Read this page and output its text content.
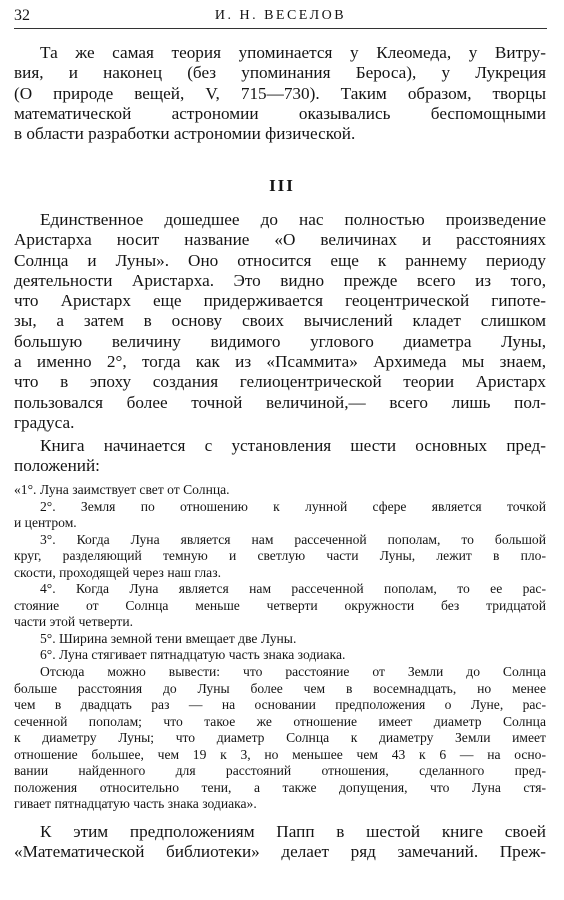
32	И. Н. ВЕСЕЛОВ

Та же самая теория упоминается у Клеомеда, у Витру-
вия, и наконец (без упоминания Бероса), у Лукреция
(О природе вещей, V, 715—730). Таким образом, творцы
математической астрономии оказывались беспомощными
в области разработки астрономии физической.

III

Единственное дошедшее до нас полностью произведение
Аристарха носит название «О величинах и расстояниях
Солнца и Луны». Оно относится еще к раннему периоду
деятельности Аристарха. Это видно прежде всего из того,
что Аристарх еще придерживается геоцентрической гипоте-
зы, а затем в основу своих вычислений кладет слишком
большую величину видимого углового диаметра Луны,
а именно 2°, тогда как из «Псаммита» Архимеда мы знаем,
что в эпоху создания гелиоцентрической теории Аристарх
пользовался более точной величиной,— всего лишь пол-
градуса.

Книга начинается с установления шести основных пред-
положений:

«1°. Луна заимствует свет от Солнца.
2°. Земля по отношению к лунной сфере является точкой
и центром.
3°. Когда Луна является нам рассеченной пополам, то большой
круг, разделяющий темную и светлую части Луны, лежит в пло-
скости, проходящей через наш глаз.
4°. Когда Луна является нам рассеченной пополам, то ее рас-
стояние от Солнца меньше четверти окружности без тридцатой
части этой четверти.
5°. Ширина земной тени вмещает две Луны.
6°. Луна стягивает пятнадцатую часть знака зодиака.
Отсюда можно вывести: что расстояние от Земли до Солнца
больше расстояния до Луны более чем в восемнадцать, но менее
чем в двадцать раз — на основании предположения о Луне, рас-
сеченной пополам; что такое же отношение имеет диаметр Солнца
к диаметру Луны; что диаметр Солнца к диаметру Земли имеет
отношение большее, чем 19 к 3, но меньшее чем 43 к 6 — на осно-
вании найденного для расстояний отношения, сделанного пред-
положения относительно тени, а также допущения, что Луна стя-
гивает пятнадцатую часть знака зодиака».

К этим предположениям Папп в шестой книге своей
«Математической библиотеки» делает ряд замечаний. Преж-
